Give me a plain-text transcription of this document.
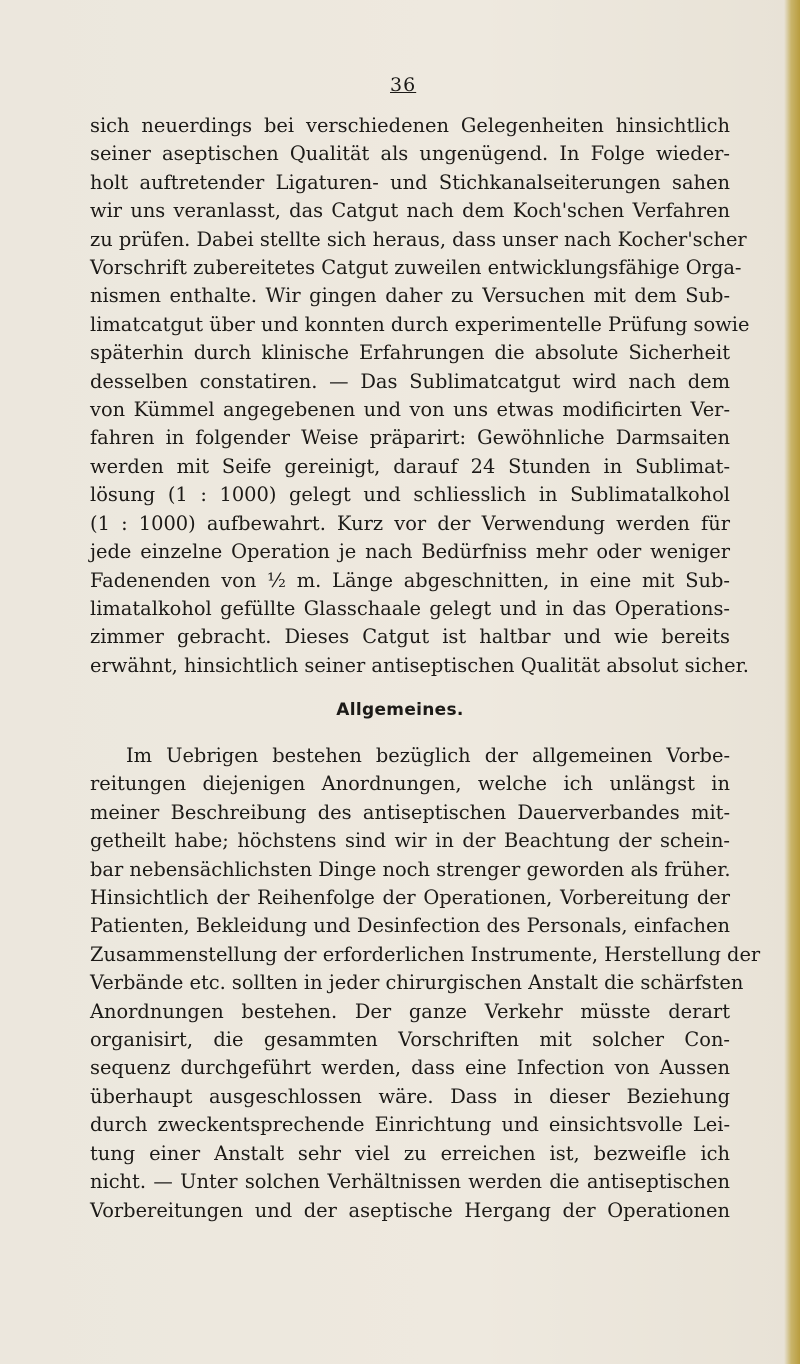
36
sich neuerdings bei verschiedenen Gelegenheiten hinsichtlich
seiner aseptischen Qualität als ungenügend. In Folge wieder-
holt auftretender Ligaturen- und Stichkanalseiterungen sahen
wir uns veranlasst, das Catgut nach dem Koch'schen Verfahren
zu prüfen. Dabei stellte sich heraus, dass unser nach Kocher'scher
Vorschrift zubereitetes Catgut zuweilen entwicklungsfähige Orga-
nismen enthalte. Wir gingen daher zu Versuchen mit dem Sub-
limatcatgut über und konnten durch experimentelle Prüfung sowie
späterhin durch klinische Erfahrungen die absolute Sicherheit
desselben constatiren. — Das Sublimatcatgut wird nach dem
von Kümmel angegebenen und von uns etwas modificirten Ver-
fahren in folgender Weise präparirt: Gewöhnliche Darmsaiten
werden mit Seife gereinigt, darauf 24 Stunden in Sublimat-
lösung (1 : 1000) gelegt und schliesslich in Sublimatalkohol
(1 : 1000) aufbewahrt. Kurz vor der Verwendung werden für
jede einzelne Operation je nach Bedürfniss mehr oder weniger
Fadenenden von ½ m. Länge abgeschnitten, in eine mit Sub-
limatalkohol gefüllte Glasschaale gelegt und in das Operations-
zimmer gebracht. Dieses Catgut ist haltbar und wie bereits
erwähnt, hinsichtlich seiner antiseptischen Qualität absolut sicher.
Allgemeines.
Im Uebrigen bestehen bezüglich der allgemeinen Vorbe-
reitungen diejenigen Anordnungen, welche ich unlängst in
meiner Beschreibung des antiseptischen Dauerverbandes mit-
getheilt habe; höchstens sind wir in der Beachtung der schein-
bar nebensächlichsten Dinge noch strenger geworden als früher.
Hinsichtlich der Reihenfolge der Operationen, Vorbereitung der
Patienten, Bekleidung und Desinfection des Personals, einfachen
Zusammenstellung der erforderlichen Instrumente, Herstellung der
Verbände etc. sollten in jeder chirurgischen Anstalt die schärfsten
Anordnungen bestehen. Der ganze Verkehr müsste derart
organisirt, die gesammten Vorschriften mit solcher Con-
sequenz durchgeführt werden, dass eine Infection von Aussen
überhaupt ausgeschlossen wäre. Dass in dieser Beziehung
durch zweckentsprechende Einrichtung und einsichtsvolle Lei-
tung einer Anstalt sehr viel zu erreichen ist, bezweifle ich
nicht. — Unter solchen Verhältnissen werden die antiseptischen
Vorbereitungen und der aseptische Hergang der Operationen
